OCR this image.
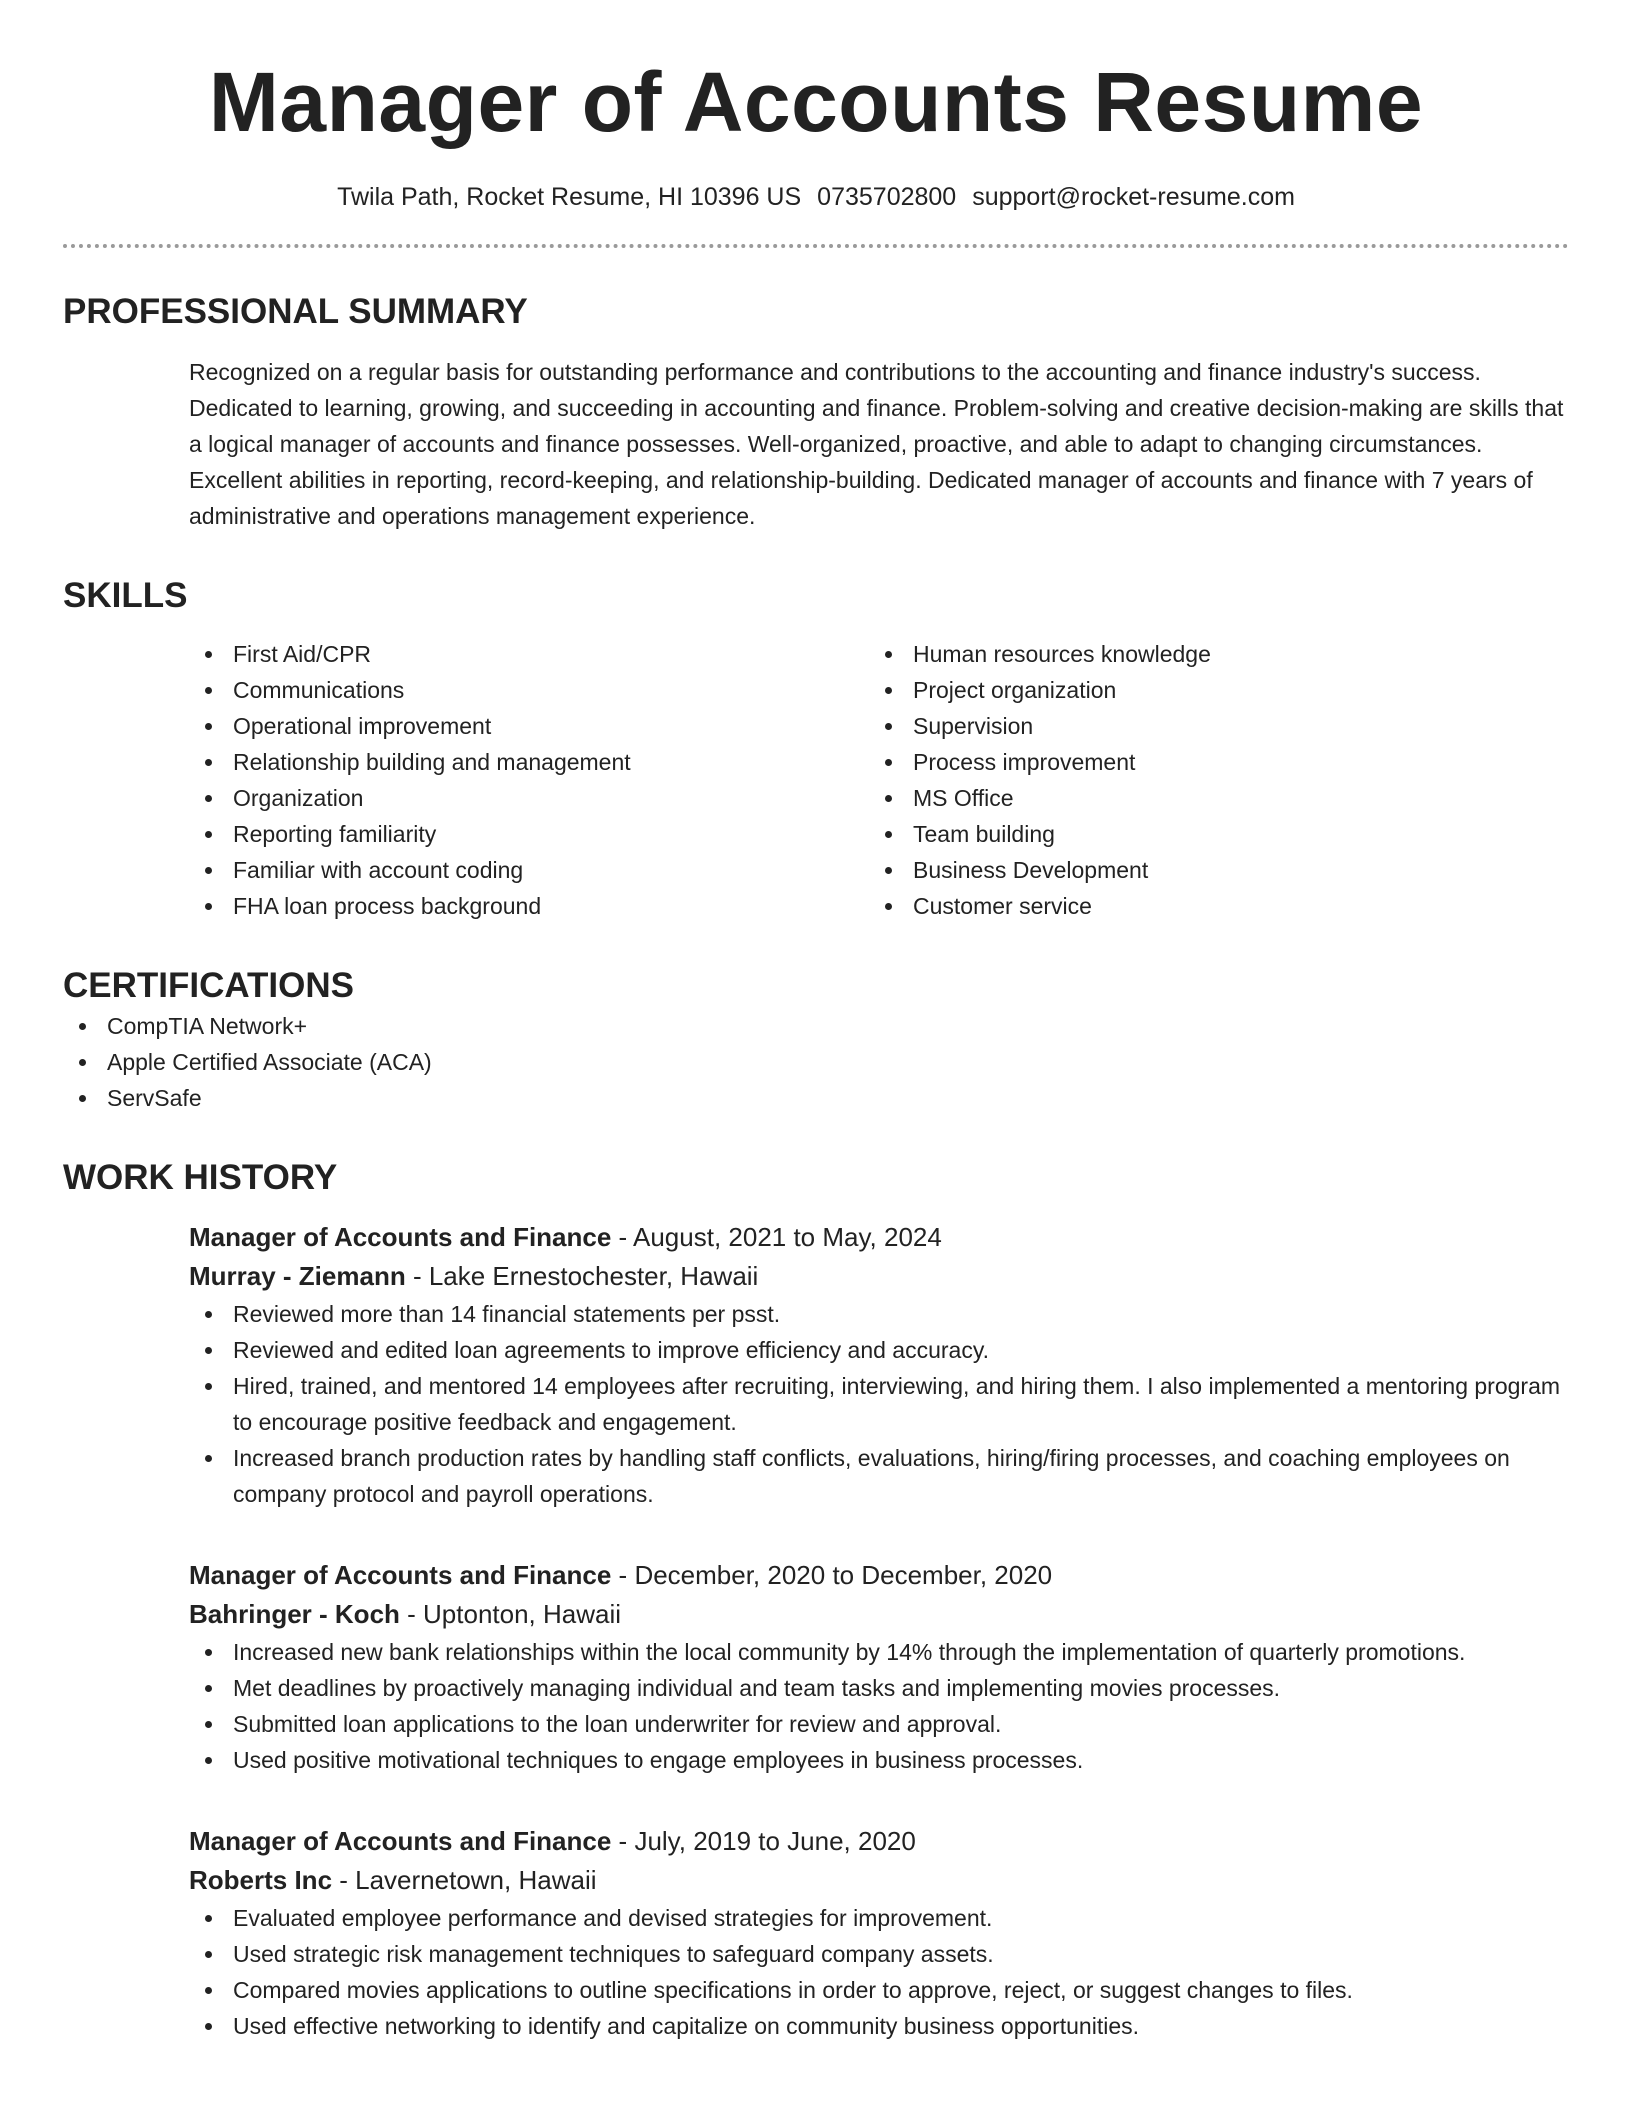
Manager of Accounts Resume
Twila Path, Rocket Resume, HI 10396 US 0735702800 support@rocket-resume.com
PROFESSIONAL SUMMARY
Recognized on a regular basis for outstanding performance and contributions to the accounting and finance industry's success. Dedicated to learning, growing, and succeeding in accounting and finance. Problem-solving and creative decision-making are skills that a logical manager of accounts and finance possesses. Well-organized, proactive, and able to adapt to changing circumstances. Excellent abilities in reporting, record-keeping, and relationship-building. Dedicated manager of accounts and finance with 7 years of administrative and operations management experience.
SKILLS
First Aid/CPR
Communications
Operational improvement
Relationship building and management
Organization
Reporting familiarity
Familiar with account coding
FHA loan process background
Human resources knowledge
Project organization
Supervision
Process improvement
MS Office
Team building
Business Development
Customer service
CERTIFICATIONS
CompTIA Network+
Apple Certified Associate (ACA)
ServSafe
WORK HISTORY
Manager of Accounts and Finance - August, 2021 to May, 2024
Murray - Ziemann - Lake Ernestochester, Hawaii
Reviewed more than 14 financial statements per psst.
Reviewed and edited loan agreements to improve efficiency and accuracy.
Hired, trained, and mentored 14 employees after recruiting, interviewing, and hiring them. I also implemented a mentoring program to encourage positive feedback and engagement.
Increased branch production rates by handling staff conflicts, evaluations, hiring/firing processes, and coaching employees on company protocol and payroll operations.
Manager of Accounts and Finance - December, 2020 to December, 2020
Bahringer - Koch - Uptonton, Hawaii
Increased new bank relationships within the local community by 14% through the implementation of quarterly promotions.
Met deadlines by proactively managing individual and team tasks and implementing movies processes.
Submitted loan applications to the loan underwriter for review and approval.
Used positive motivational techniques to engage employees in business processes.
Manager of Accounts and Finance - July, 2019 to June, 2020
Roberts Inc - Lavernetown, Hawaii
Evaluated employee performance and devised strategies for improvement.
Used strategic risk management techniques to safeguard company assets.
Compared movies applications to outline specifications in order to approve, reject, or suggest changes to files.
Used effective networking to identify and capitalize on community business opportunities.
